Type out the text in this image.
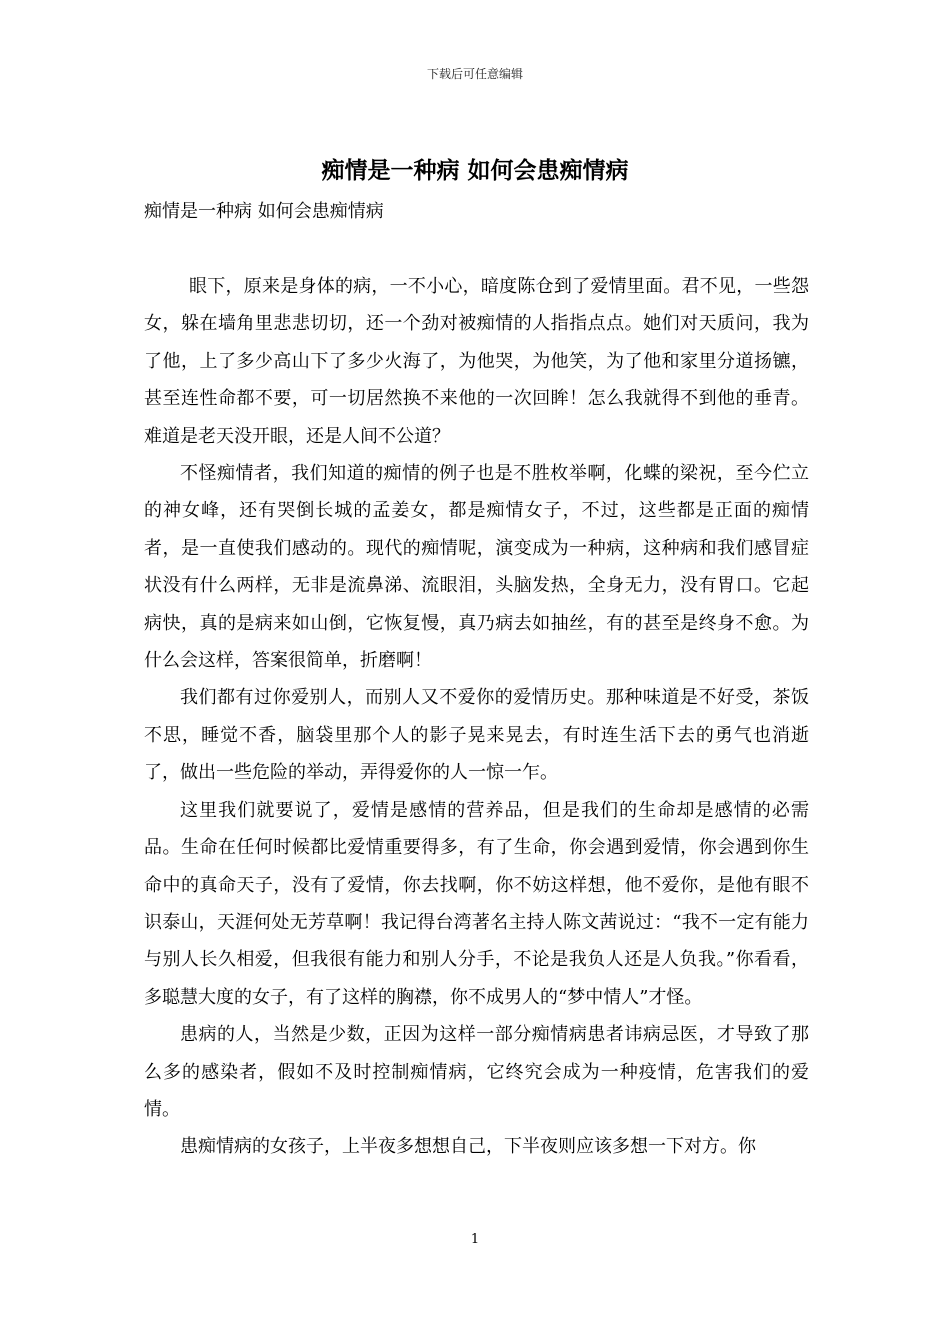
下载后可任意编辑
痴情是一种病 如何会患痴情病

痴情是一种病 如何会患痴情病

眼下，原来是身体的病，一不小心，暗度陈仓到了爱情里面。君不见，一些怨女，躲在墙角里悲悲切切，还一个劲对被痴情的人指指点点。她们对天质问，我为了他，上了多少高山下了多少火海了，为他哭，为他笑，为了他和家里分道扬镳，甚至连性命都不要，可一切居然换不来他的一次回眸！怎么我就得不到他的垂青。难道是老天没开眼，还是人间不公道？

不怪痴情者，我们知道的痴情的例子也是不胜枚举啊，化蝶的梁祝，至今伫立的神女峰，还有哭倒长城的孟姜女，都是痴情女子，不过，这些都是正面的痴情者，是一直使我们感动的。现代的痴情呢，演变成为一种病，这种病和我们感冒症状没有什么两样，无非是流鼻涕、流眼泪，头脑发热，全身无力，没有胃口。它起病快，真的是病来如山倒，它恢复慢，真乃病去如抽丝，有的甚至是终身不愈。为什么会这样，答案很简单，折磨啊！

我们都有过你爱别人，而别人又不爱你的爱情历史。那种味道是不好受，茶饭不思，睡觉不香，脑袋里那个人的影子晃来晃去，有时连生活下去的勇气也消逝了，做出一些危险的举动，弄得爱你的人一惊一乍。

这里我们就要说了，爱情是感情的营养品，但是我们的生命却是感情的必需品。生命在任何时候都比爱情重要得多，有了生命，你会遇到爱情，你会遇到你生命中的真命天子，没有了爱情，你去找啊，你不妨这样想，他不爱你，是他有眼不识泰山，天涯何处无芳草啊！我记得台湾著名主持人陈文茜说过：“我不一定有能力与别人长久相爱，但我很有能力和别人分手，不论是我负人还是人负我。”你看看，多聪慧大度的女子，有了这样的胸襟，你不成男人的“梦中情人”才怪。

患病的人，当然是少数，正因为这样一部分痴情病患者讳病忌医，才导致了那么多的感染者，假如不及时控制痴情病，它终究会成为一种疫情，危害我们的爱情。

患痴情病的女孩子，上半夜多想想自己，下半夜则应该多想一下对方。你

1
